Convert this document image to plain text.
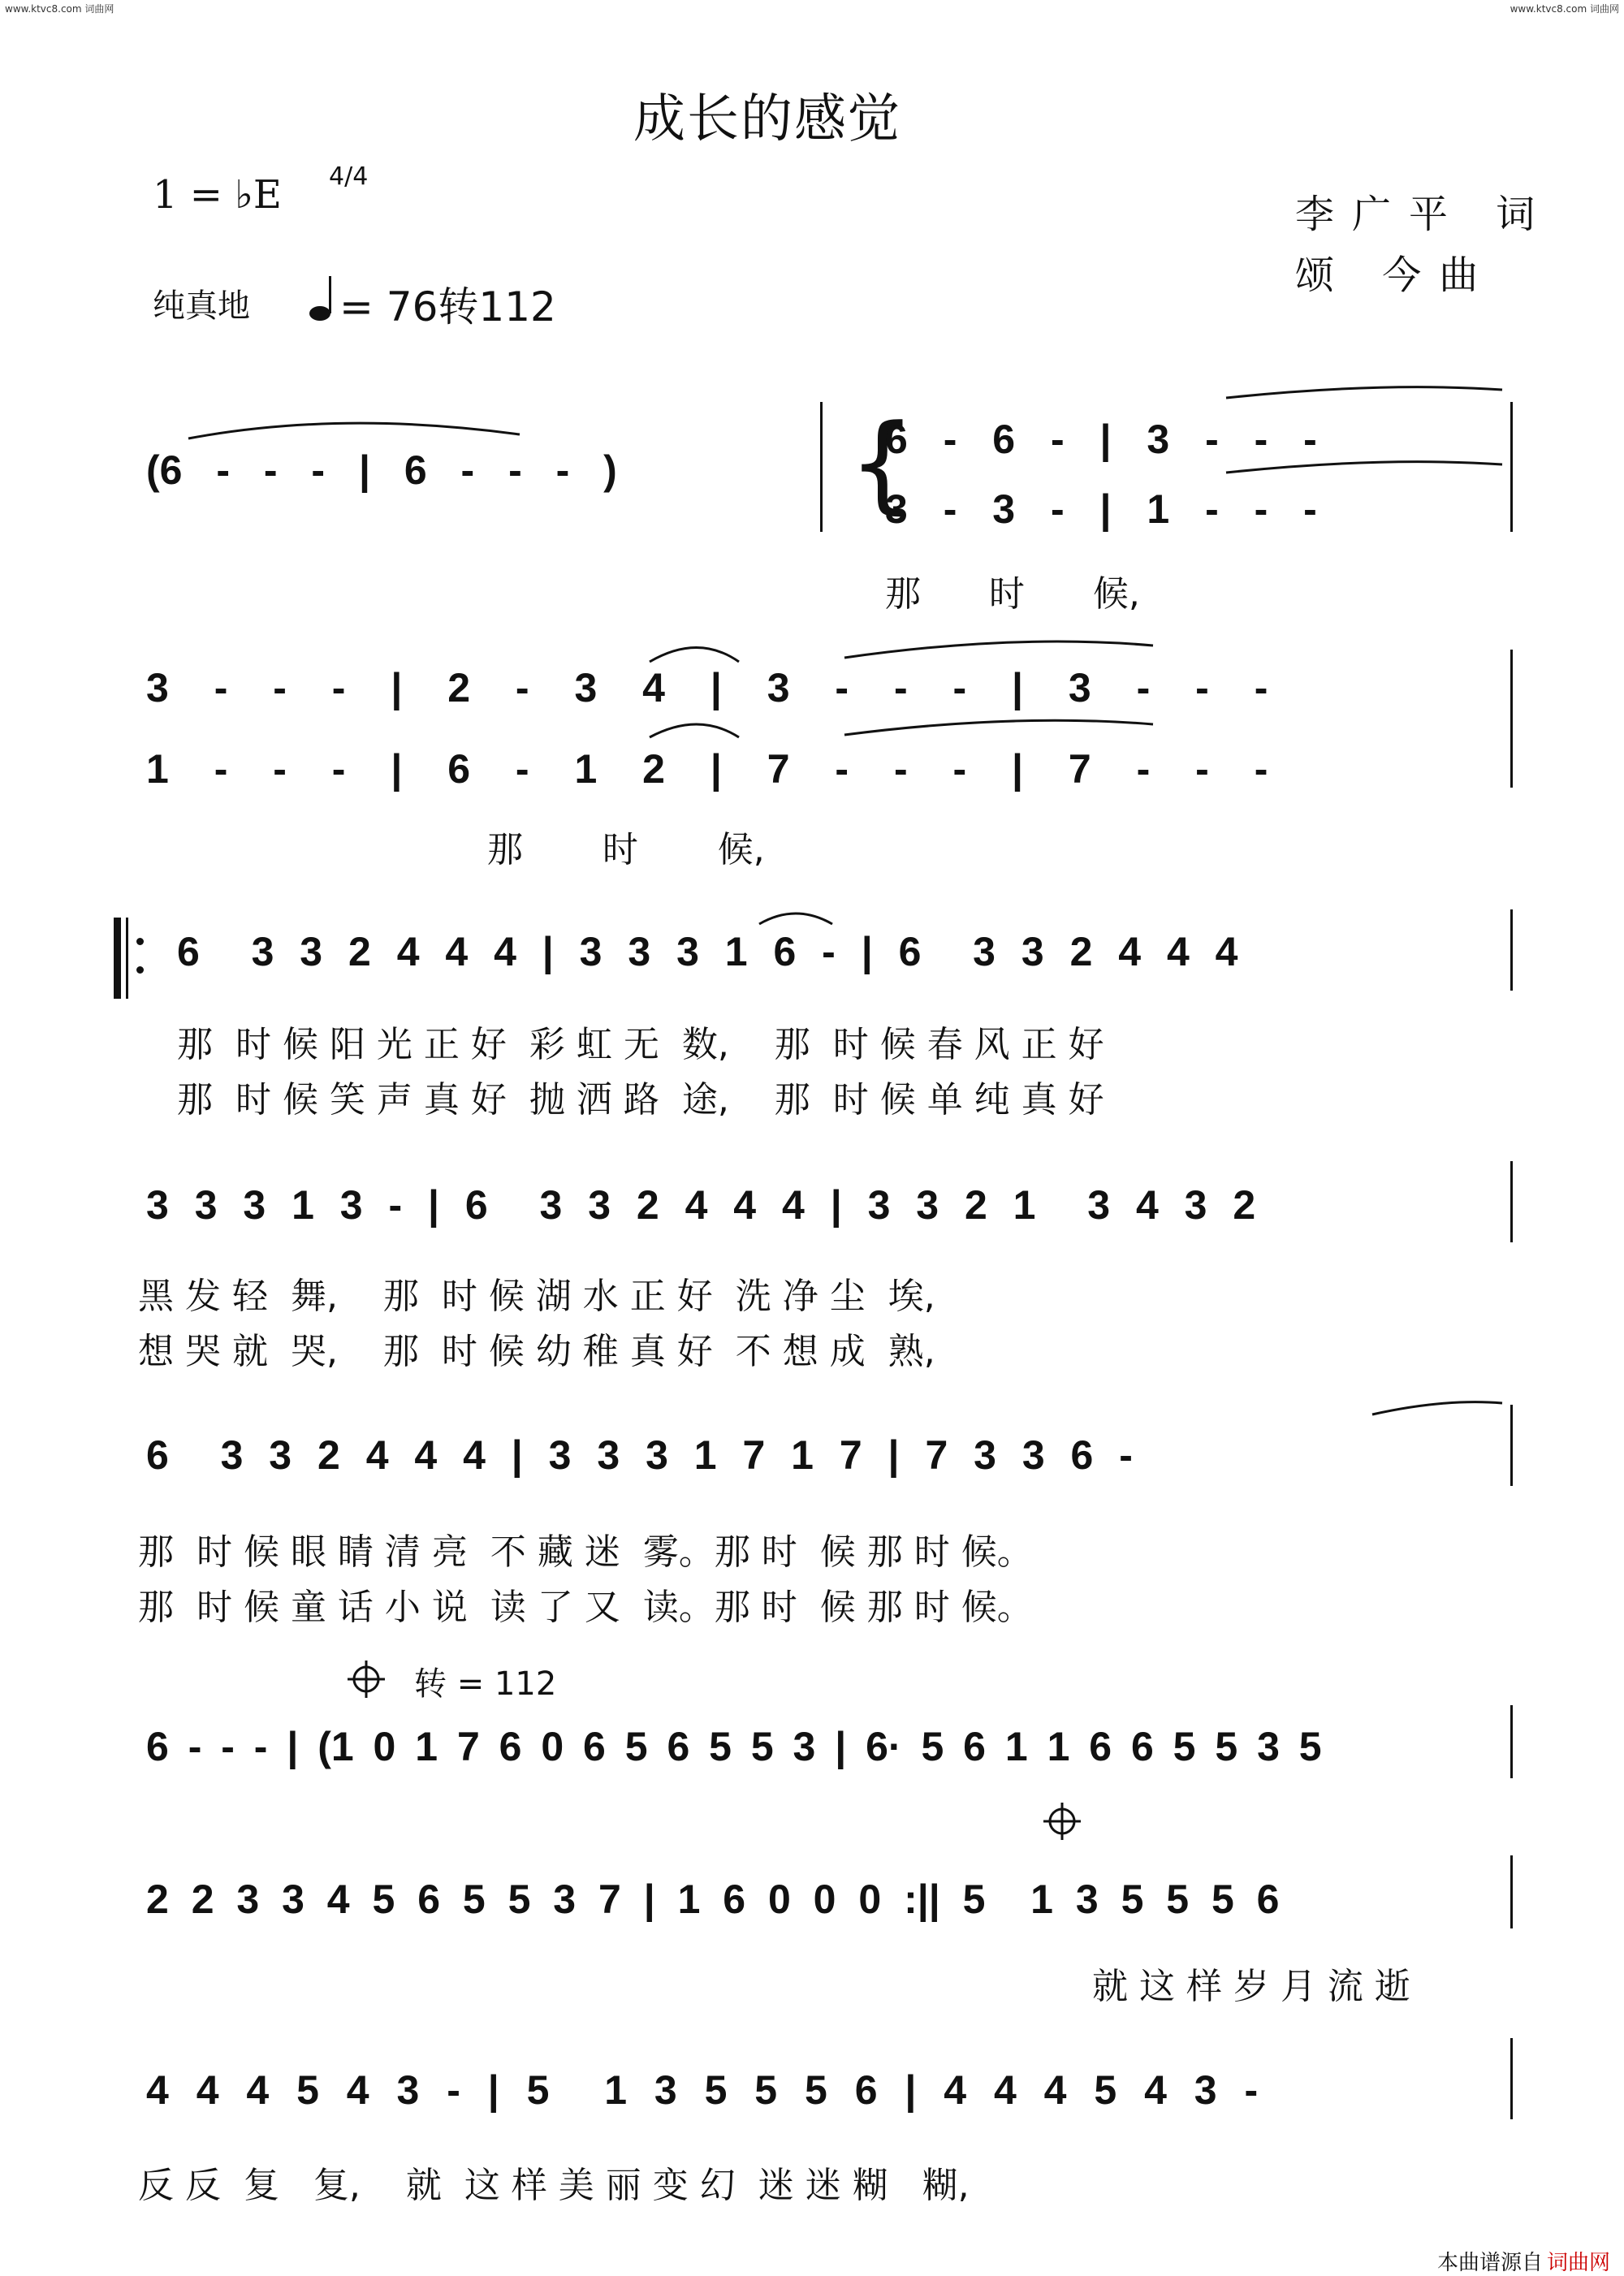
www.ktvc8.com 词曲网	www.ktvc8.com 词曲网
成长的感觉
1 = ♭E 4/4
李广平 词
颂 今曲
纯真地 = 76转112
(6 - - - | 6 - - - ) {
6 - 6 - | 3 - - -
3 - 3 - | 1 - - -
那      时      候,
3 - - - | 2 - 3 4 | 3 - - - | 3 - - -
1 - - - | 6 - 1 2 | 7 - - - | 7 - - -
那       时       候,
6  3 3 2 4 4 4 | 3 3 3 1 6 - | 6  3 3 2 4 4 4
那  时 候 阳 光 正 好  彩 虹 无  数,    那  时 候 春 风 正 好
那  时 候 笑 声 真 好  抛 洒 路  途,    那  时 候 单 纯 真 好
3 3 3 1 3 - | 6  3 3 2 4 4 4 | 3 3 2 1  3 4 3 2
黑 发 轻  舞,    那  时 候 湖 水 正 好  洗 净 尘  埃,
想 哭 就  哭,    那  时 候 幼 稚 真 好  不 想 成  熟,
6  3 3 2 4 4 4 | 3 3 3 1 7 1 7 | 7 3 3 6 -
那  时 候 眼 睛 清 亮  不 藏 迷  雾。那 时  候 那 时 候。
那  时 候 童 话 小 说  读 了 又  读。那 时  候 那 时 候。
转 = 112
6 - - - | (1 0 1 7 6 0 6 5 6 5 5 3 | 6· 5 6 1 1 6 6 5 5 3 5
2 2 3 3 4 5 6 5 5 3 7 | 1 6 0 0 0 :|| 5  1 3 5 5 5 6
就 这 样 岁 月 流 逝
4 4 4 5 4 3 - | 5  1 3 5 5 5 6 | 4 4 4 5 4 3 -
反 反  复   复,    就  这 样 美 丽 变 幻  迷 迷 糊   糊,
本曲谱源自 词曲网
